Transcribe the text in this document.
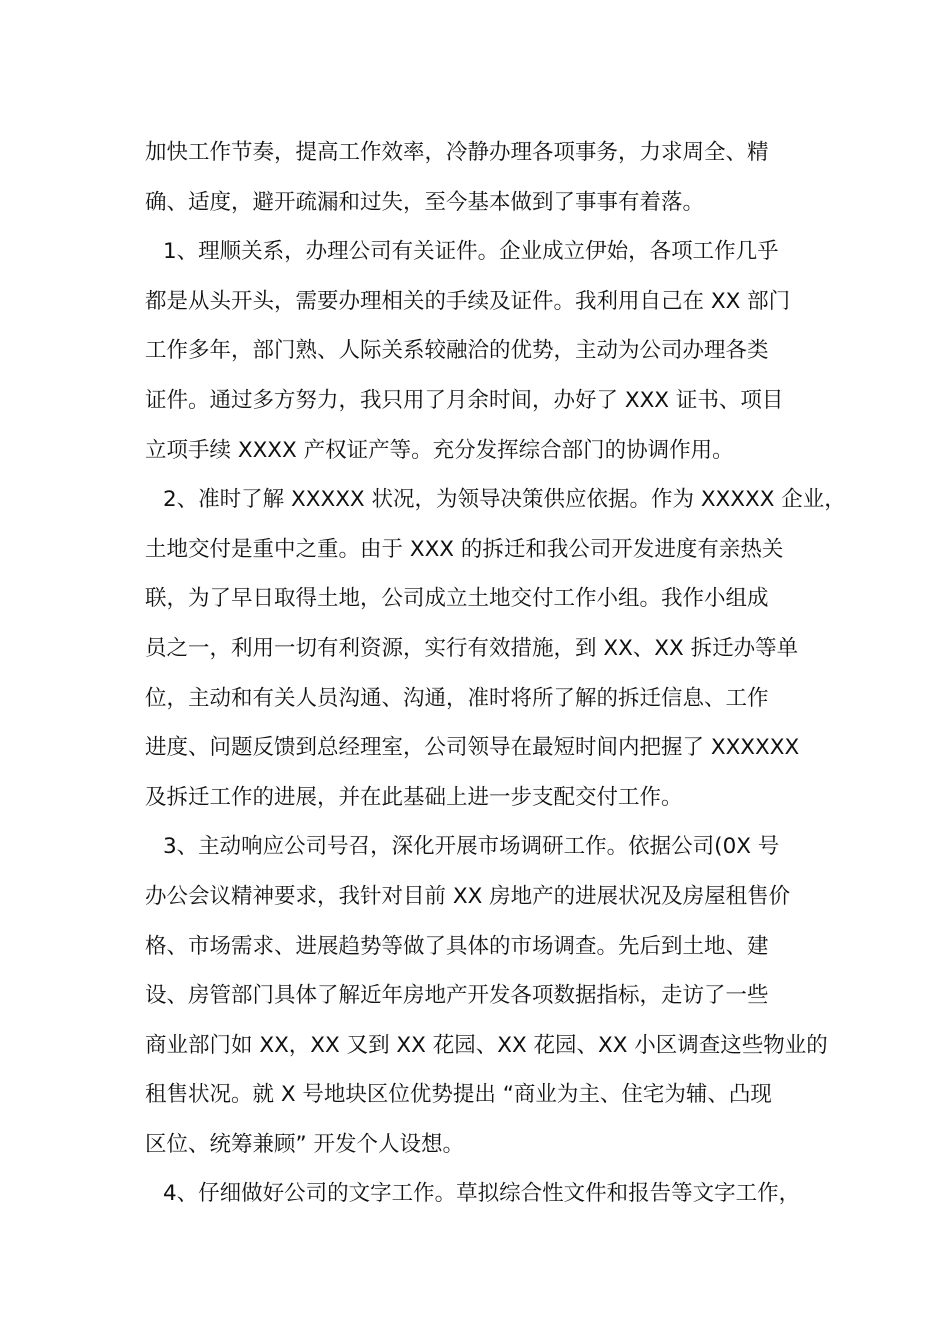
加快工作节奏，提高工作效率，冷静办理各项事务，力求周全、精
确、适度，避开疏漏和过失，至今基本做到了事事有着落。
1、理顺关系，办理公司有关证件。企业成立伊始，各项工作几乎
都是从头开头，需要办理相关的手续及证件。我利用自己在 XX 部门
工作多年，部门熟、人际关系较融洽的优势，主动为公司办理各类
证件。通过多方努力，我只用了月余时间，办好了 XXX 证书、项目
立项手续 XXXX 产权证产等。充分发挥综合部门的协调作用。
2、准时了解 XXXXX 状况，为领导决策供应依据。作为 XXXXX 企业，
土地交付是重中之重。由于 XXX 的拆迁和我公司开发进度有亲热关
联，为了早日取得土地，公司成立土地交付工作小组。我作小组成
员之一，利用一切有利资源，实行有效措施，到 XX、XX 拆迁办等单
位，主动和有关人员沟通、沟通，准时将所了解的拆迁信息、工作
进度、问题反馈到总经理室，公司领导在最短时间内把握了 XXXXXX
及拆迁工作的进展，并在此基础上进一步支配交付工作。
3、主动响应公司号召，深化开展市场调研工作。依据公司(0X 号
办公会议精神要求，我针对目前 XX 房地产的进展状况及房屋租售价
格、市场需求、进展趋势等做了具体的市场调查。先后到土地、建
设、房管部门具体了解近年房地产开发各项数据指标，走访了一些
商业部门如 XX，XX 又到 XX 花园、XX 花园、XX 小区调查这些物业的
租售状况。就 X 号地块区位优势提出 “商业为主、住宅为辅、凸现
区位、统筹兼顾” 开发个人设想。
4、仔细做好公司的文字工作。草拟综合性文件和报告等文字工作，
